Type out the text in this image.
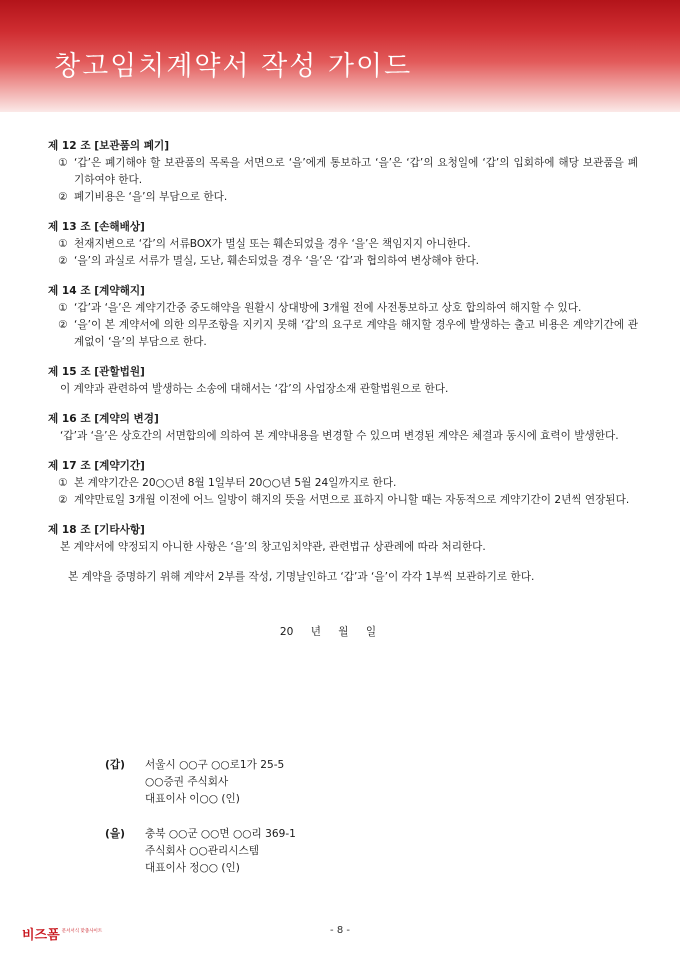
창고임치계약서 작성 가이드
제 12 조 [보관품의 폐기]
① ‘갑’은 폐기해야 할 보관품의 목록을 서면으로 ‘을’에게 통보하고 ‘을’은 ‘갑’의 요청일에 ‘갑’의 입회하에 해당 보관품을 폐기하여야 한다.
② 폐기비용은 ‘을’의 부담으로 한다.
제 13 조 [손해배상]
① 천재지변으로 ‘갑’의 서류BOX가 멸실 또는 훼손되었을 경우 ‘을’은 책임지지 아니한다.
② ‘을’의 과실로 서류가 멸실, 도난, 훼손되었을 경우 ‘을’은 ‘갑’과 협의하여 변상해야 한다.
제 14 조 [계약해지]
① ‘갑’과 ‘을’은 계약기간중 중도해약을 원활시 상대방에 3개월 전에 사전통보하고 상호 합의하여 해지할 수 있다.
② ‘을’이 본 계약서에 의한 의무조항을 지키지 못해 ‘갑’의 요구로 계약을 해지할 경우에 발생하는 출고 비용은 계약기간에 관계없이 ‘을’의 부담으로 한다.
제 15 조 [관할법원]
이 계약과 관련하여 발생하는 소송에 대해서는 ‘갑’의 사업장소재 관할법원으로 한다.
제 16 조 [계약의 변경]
‘갑’과 ‘을’은 상호간의 서면합의에 의하여 본 계약내용을 변경할 수 있으며 변경된 계약은 체결과 동시에 효력이 발생한다.
제 17 조 [계약기간]
① 본 계약기간은 20○○년 8월 1일부터 20○○년 5월 24일까지로 한다.
② 계약만료일 3개월 이전에 어느 일방이 해지의 뜻을 서면으로 표하지 아니할 때는 자동적으로 계약기간이 2년씩 연장된다.
제 18 조 [기타사항]
본 계약서에 약정되지 아니한 사항은 ‘을’의 창고임치약관, 관련법규 상관례에 따라 처리한다.
본 계약을 증명하기 위해 계약서 2부를 작성, 기명날인하고 ‘갑’과 ‘을’이 각각 1부씩 보관하기로 한다.
20 년 월 일
(갑)	서울시 ○○구 ○○로1가 25-5
○○증권 주식회사
대표이사 이○○ (인)
(을)	충북 ○○군 ○○면 ○○리 369-1
주식회사 ○○관리시스템
대표이사 정○○ (인)
비즈폼 문서서식 맞춤사이트	- 8 -
